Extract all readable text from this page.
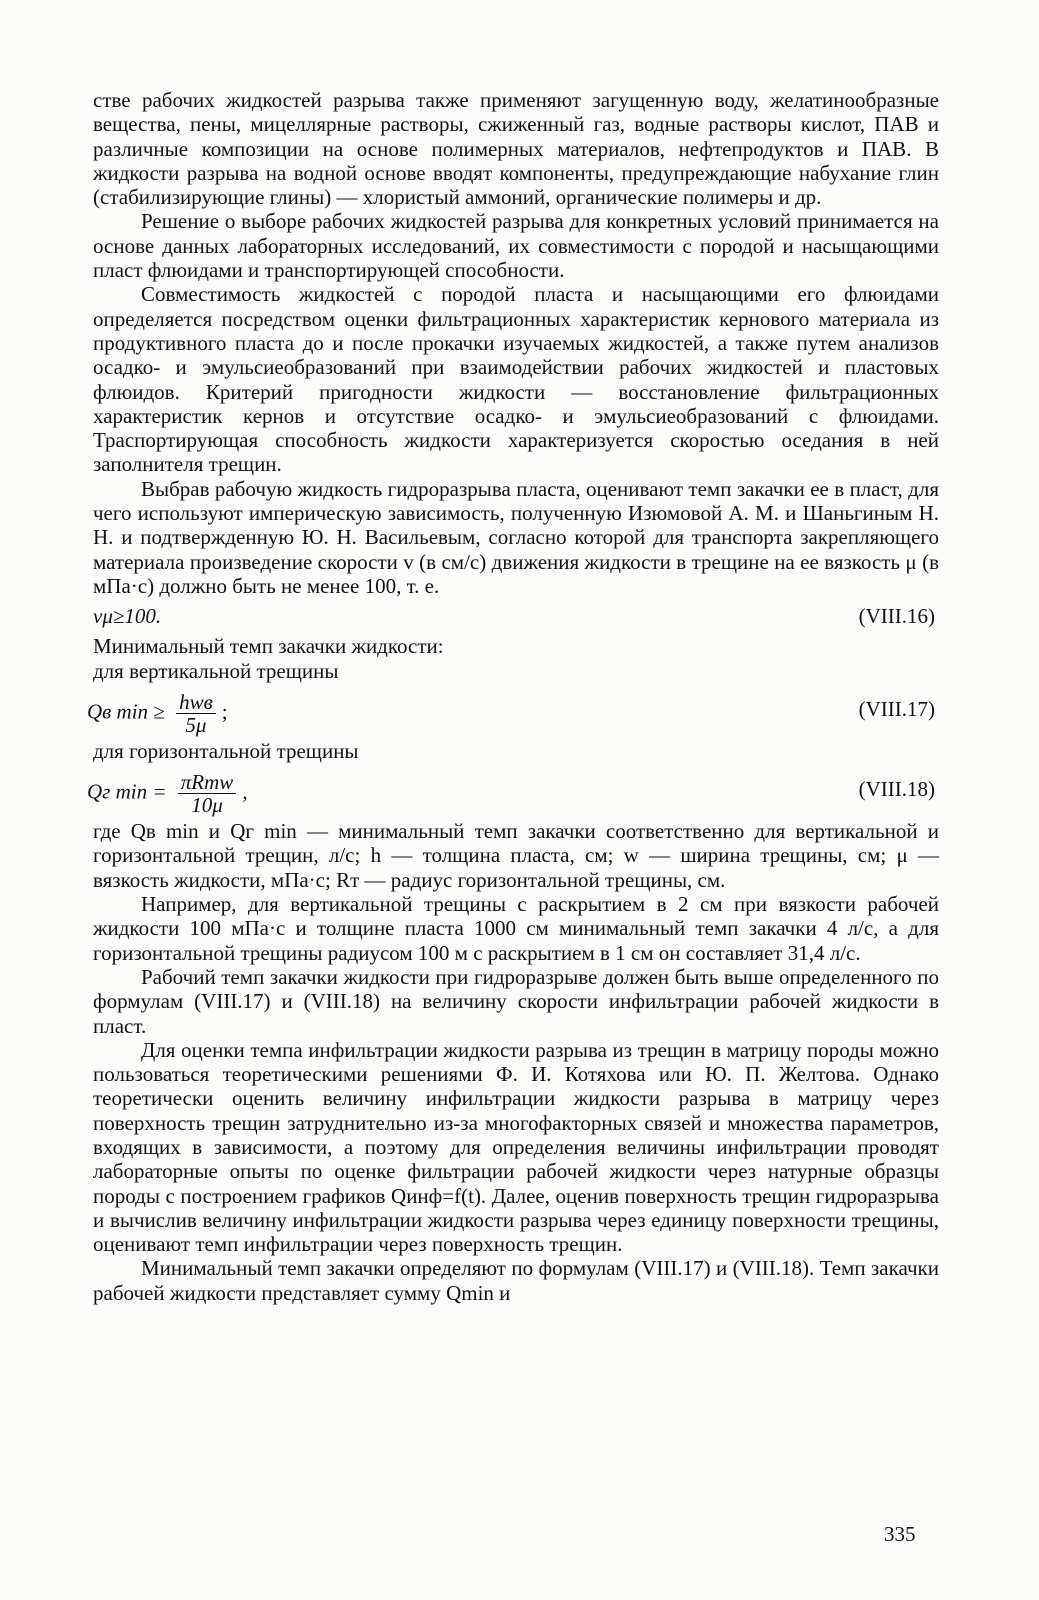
стве рабочих жидкостей разрыва также применяют загущенную воду, желатинообразные вещества, пены, мицеллярные растворы, сжиженный газ, водные растворы кислот, ПАВ и различные композиции на основе полимерных материалов, нефтепродуктов и ПАВ. В жидкости разрыва на водной основе вводят компоненты, предупреждающие набухание глин (стабилизирующие глины) — хлористый аммоний, органические полимеры и др.

Решение о выборе рабочих жидкостей разрыва для конкретных условий принимается на основе данных лабораторных исследований, их совместимости с породой и насыщающими пласт флюидами и транспортирующей способности.

Совместимость жидкостей с породой пласта и насыщающими его флюидами определяется посредством оценки фильтрационных характеристик кернового материала из продуктивного пласта до и после прокачки изучаемых жидкостей, а также путем анализов осадко- и эмульсиеобразований при взаимодействии рабочих жидкостей и пластовых флюидов. Критерий пригодности жидкости — восстановление фильтрационных характеристик кернов и отсутствие осадко- и эмульсиеобразований с флюидами. Траспортирующая способность жидкости характеризуется скоростью оседания в ней заполнителя трещин.

Выбрав рабочую жидкость гидроразрыва пласта, оценивают темп закачки ее в пласт, для чего используют империческую зависимость, полученную Изюмовой А. М. и Шаньгиным Н. Н. и подтвержденную Ю. Н. Васильевым, согласно которой для транспорта закрепляющего материала произведение скорости v (в см/с) движения жидкости в трещине на ее вязкость μ (в мПа·с) должно быть не менее 100, т. е.

vμ≥100.	(VIII.16)

Минимальный темп закачки жидкости:

для вертикальной трещины

Qв $\min \ge \frac{\text{hwв}}{5\mu}$ ;	(VIII.17)

для горизонтальной трещины

Qг $\min = \frac{\text{πRтw}}{10\mu}$ ,	(VIII.18)

где Qв min и Qг min — минимальный темп закачки соответственно для вертикальной и горизонтальной трещин, л/с; h — толщина пласта, см; w — ширина трещины, см; μ — вязкость жидкости, мПа·с; Rт — радиус горизонтальной трещины, см.

Например, для вертикальной трещины с раскрытием в 2 см при вязкости рабочей жидкости 100 мПа·с и толщине пласта 1000 см минимальный темп закачки 4 л/с, а для горизонтальной трещины радиусом 100 м с раскрытием в 1 см он составляет 31,4 л/с.

Рабочий темп закачки жидкости при гидроразрыве должен быть выше определенного по формулам (VIII.17) и (VIII.18) на величину скорости инфильтрации рабочей жидкости в пласт.

Для оценки темпа инфильтрации жидкости разрыва из трещин в матрицу породы можно пользоваться теоретическими решениями Ф. И. Котяхова или Ю. П. Желтова. Однако теоретически оценить величину инфильтрации жидкости разрыва в матрицу через поверхность трещин затруднительно из-за многофакторных связей и множества параметров, входящих в зависимости, а поэтому для определения величины инфильтрации проводят лабораторные опыты по оценке фильтрации рабочей жидкости через натурные образцы породы с построением графиков Qинф=f(t). Далее, оценив поверхность трещин гидроразрыва и вычислив величину инфильтрации жидкости разрыва через единицу поверхности трещины, оценивают темп инфильтрации через поверхность трещин.

Минимальный темп закачки определяют по формулам (VIII.17) и (VIII.18). Темп закачки рабочей жидкости представляет сумму Qmin и

335
